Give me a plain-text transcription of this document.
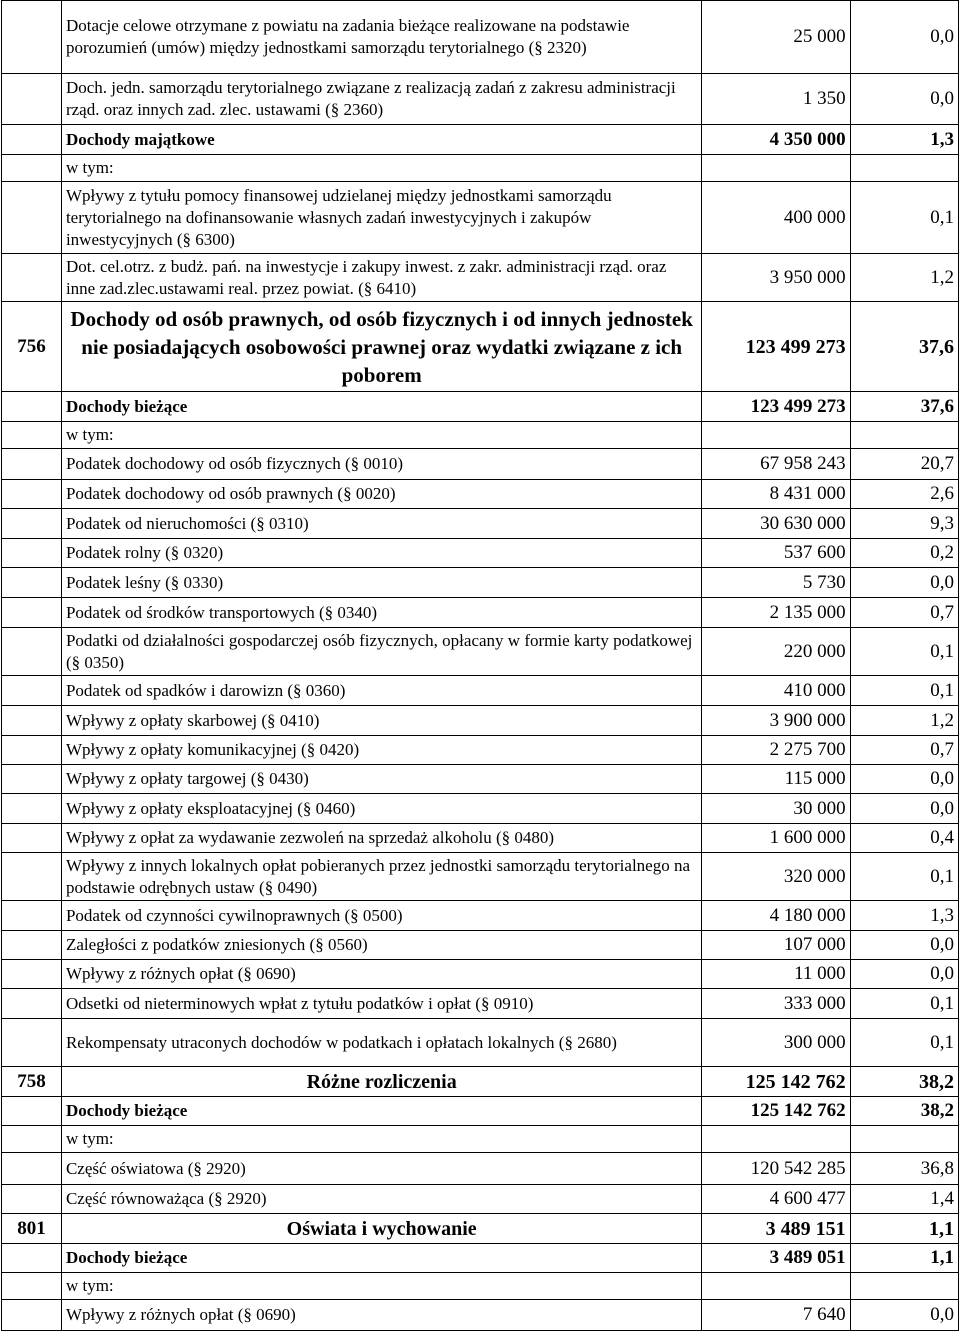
	Dotacje celowe otrzymane z powiatu na zadania bieżące realizowane na podstawie porozumień (umów) między jednostkami samorządu terytorialnego (§ 2320)	25 000	0,0
	Doch. jedn. samorządu terytorialnego związane z realizacją zadań z zakresu administracji rząd. oraz innych zad. zlec. ustawami (§ 2360)	1 350	0,0
	Dochody majątkowe	4 350 000	1,3
	w tym:		
	Wpływy z tytułu pomocy finansowej udzielanej między jednostkami samorządu terytorialnego na dofinansowanie własnych zadań inwestycyjnych i zakupów inwestycyjnych (§ 6300)	400 000	0,1
	Dot. cel.otrz. z budż. pań. na inwestycje i zakupy inwest. z zakr. administracji rząd. oraz inne zad.zlec.ustawami real. przez powiat. (§ 6410)	3 950 000	1,2
756	Dochody od osób prawnych, od osób fizycznych i od innych jednostek nie posiadających osobowości prawnej oraz wydatki związane z ich poborem	123 499 273	37,6
	Dochody bieżące	123 499 273	37,6
	w tym:		
	Podatek dochodowy od osób fizycznych (§ 0010)	67 958 243	20,7
	Podatek dochodowy od osób prawnych (§ 0020)	8 431 000	2,6
	Podatek od nieruchomości (§ 0310)	30 630 000	9,3
	Podatek rolny (§ 0320)	537 600	0,2
	Podatek leśny (§ 0330)	5 730	0,0
	Podatek od środków transportowych (§ 0340)	2 135 000	0,7
	Podatki od działalności gospodarczej osób fizycznych, opłacany w formie karty podatkowej (§ 0350)	220 000	0,1
	Podatek od spadków i darowizn (§ 0360)	410 000	0,1
	Wpływy z opłaty skarbowej (§ 0410)	3 900 000	1,2
	Wpływy z opłaty komunikacyjnej (§ 0420)	2 275 700	0,7
	Wpływy z opłaty targowej (§ 0430)	115 000	0,0
	Wpływy z opłaty eksploatacyjnej (§ 0460)	30 000	0,0
	Wpływy z opłat za wydawanie zezwoleń na sprzedaż alkoholu (§ 0480)	1 600 000	0,4
	Wpływy z innych lokalnych opłat pobieranych przez jednostki samorządu terytorialnego na podstawie odrębnych ustaw (§ 0490)	320 000	0,1
	Podatek od czynności cywilnoprawnych (§ 0500)	4 180 000	1,3
	Zaległości z podatków zniesionych (§ 0560)	107 000	0,0
	Wpływy z różnych opłat (§ 0690)	11 000	0,0
	Odsetki od nieterminowych wpłat z tytułu podatków i opłat (§ 0910)	333 000	0,1
	Rekompensaty utraconych dochodów w podatkach i opłatach lokalnych (§ 2680)	300 000	0,1
758	Różne rozliczenia	125 142 762	38,2
	Dochody bieżące	125 142 762	38,2
	w tym:		
	Część oświatowa (§ 2920)	120 542 285	36,8
	Część równoważąca (§ 2920)	4 600 477	1,4
801	Oświata i wychowanie	3 489 151	1,1
	Dochody bieżące	3 489 051	1,1
	w tym:		
	Wpływy z różnych opłat (§ 0690)	7 640	0,0
